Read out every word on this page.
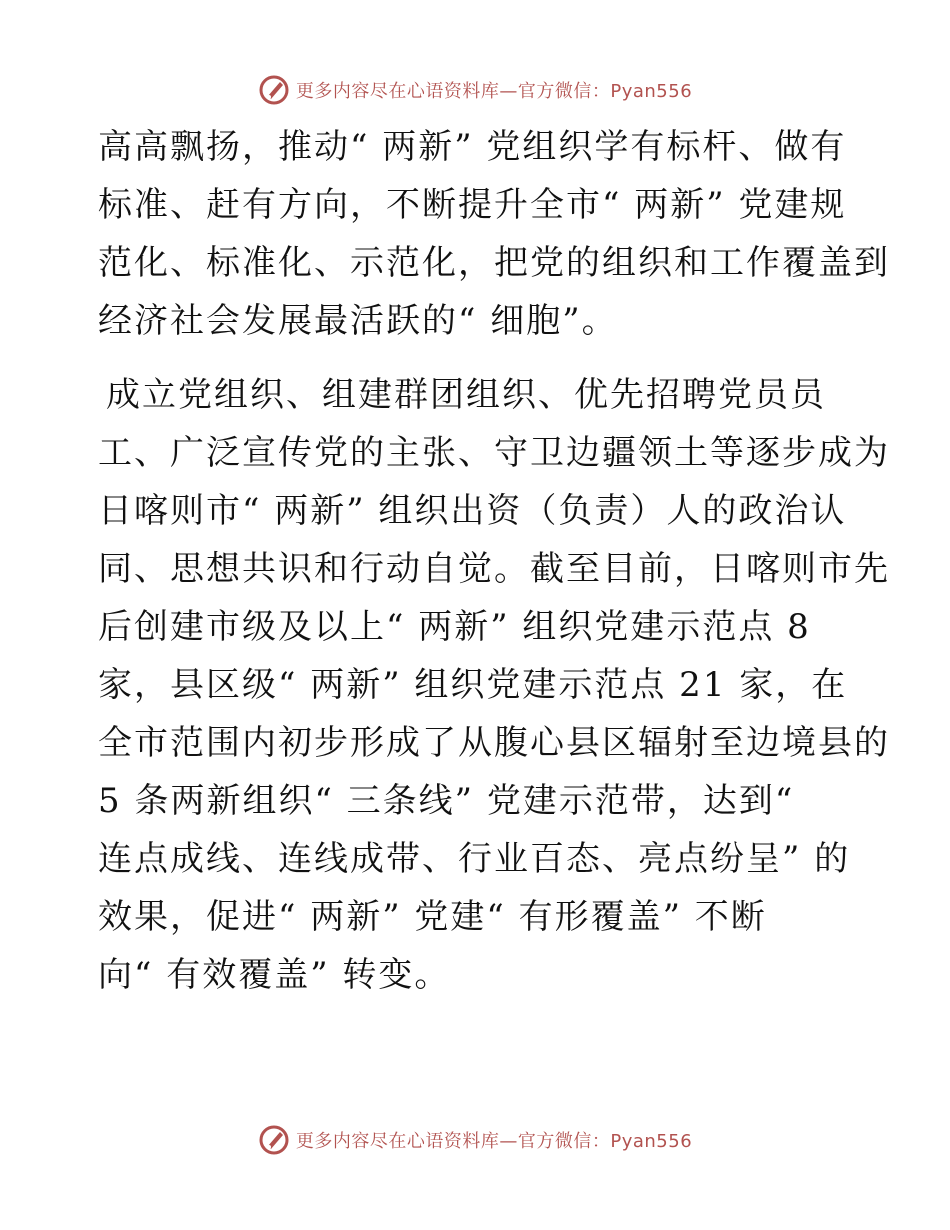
更多内容尽在心语资料库—官方微信：Pyan556

高高飘扬，推动“ 两新” 党组织学有标杆、做有
标准、赶有方向，不断提升全市“ 两新” 党建规
范化、标准化、示范化，把党的组织和工作覆盖到
经济社会发展最活跃的“ 细胞”。

成立党组织、组建群团组织、优先招聘党员员
工、广泛宣传党的主张、守卫边疆领土等逐步成为
日喀则市“ 两新” 组织出资（负责）人的政治认
同、思想共识和行动自觉。截至目前，日喀则市先
后创建市级及以上“ 两新” 组织党建示范点 8
家，县区级“ 两新” 组织党建示范点 21 家，在
全市范围内初步形成了从腹心县区辐射至边境县的
5 条两新组织“ 三条线” 党建示范带，达到“
连点成线、连线成带、行业百态、亮点纷呈” 的
效果，促进“ 两新” 党建“ 有形覆盖” 不断
向“ 有效覆盖” 转变。

更多内容尽在心语资料库—官方微信：Pyan556
